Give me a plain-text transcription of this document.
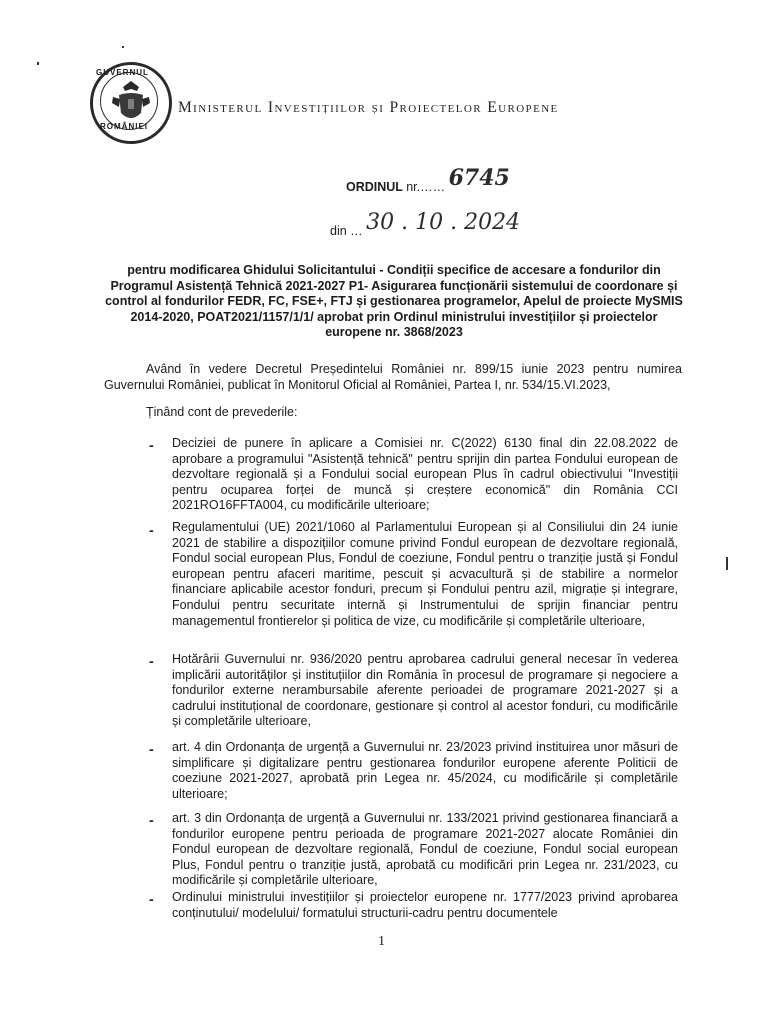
GUVERNUL
ROMÂNIEI
Ministerul Investițiilor și Proiectelor Europene
ORDINUL nr.…… 6745
din … 30 . 10 . 2024
pentru modificarea Ghidului Solicitantului - Condiții specifice de accesare a fondurilor din Programul Asistență Tehnică 2021-2027 P1- Asigurarea funcționării sistemului de coordonare și control al fondurilor FEDR, FC, FSE+, FTJ și gestionarea programelor, Apelul de proiecte MySMIS 2014-2020, POAT2021/1157/1/1/ aprobat prin Ordinul ministrului investițiilor și proiectelor europene nr. 3868/2023
Având în vedere Decretul Președintelui României nr. 899/15 iunie 2023 pentru numirea Guvernului României, publicat în Monitorul Oficial al României, Partea I, nr. 534/15.VI.2023,
Ținând cont de prevederile:
- Deciziei de punere în aplicare a Comisiei nr. C(2022) 6130 final din 22.08.2022 de aprobare a programului "Asistență tehnică" pentru sprijin din partea Fondului european de dezvoltare regională și a Fondului social european Plus în cadrul obiectivului "Investiții pentru ocuparea forței de muncă și creștere economică" din România CCI 2021RO16FFTA004, cu modificările ulterioare;
- Regulamentului (UE) 2021/1060 al Parlamentului European și al Consiliului din 24 iunie 2021 de stabilire a dispozițiilor comune privind Fondul european de dezvoltare regională, Fondul social european Plus, Fondul de coeziune, Fondul pentru o tranziție justă și Fondul european pentru afaceri maritime, pescuit și acvacultură și de stabilire a normelor financiare aplicabile acestor fonduri, precum și Fondului pentru azil, migrație și integrare, Fondului pentru securitate internă și Instrumentului de sprijin financiar pentru managementul frontierelor și politica de vize, cu modificările și completările ulterioare,
- Hotărârii Guvernului nr. 936/2020 pentru aprobarea cadrului general necesar în vederea implicării autorităților și instituțiilor din România în procesul de programare și negociere a fondurilor externe nerambursabile aferente perioadei de programare 2021-2027 și a cadrului instituțional de coordonare, gestionare și control al acestor fonduri, cu modificările și completările ulterioare,
- art. 4 din Ordonanța de urgență a Guvernului nr. 23/2023 privind instituirea unor măsuri de simplificare și digitalizare pentru gestionarea fondurilor europene aferente Politicii de coeziune 2021-2027, aprobată prin Legea nr. 45/2024, cu modificările și completările ulterioare;
- art. 3 din Ordonanța de urgență a Guvernului nr. 133/2021 privind gestionarea financiară a fondurilor europene pentru perioada de programare 2021-2027 alocate României din Fondul european de dezvoltare regională, Fondul de coeziune, Fondul social european Plus, Fondul pentru o tranziție justă, aprobată cu modificări prin Legea nr. 231/2023, cu modificările și completările ulterioare,
- Ordinului ministrului investițiilor și proiectelor europene nr. 1777/2023 privind aprobarea conținutului/ modelului/ formatului structurii-cadru pentru documentele
1
